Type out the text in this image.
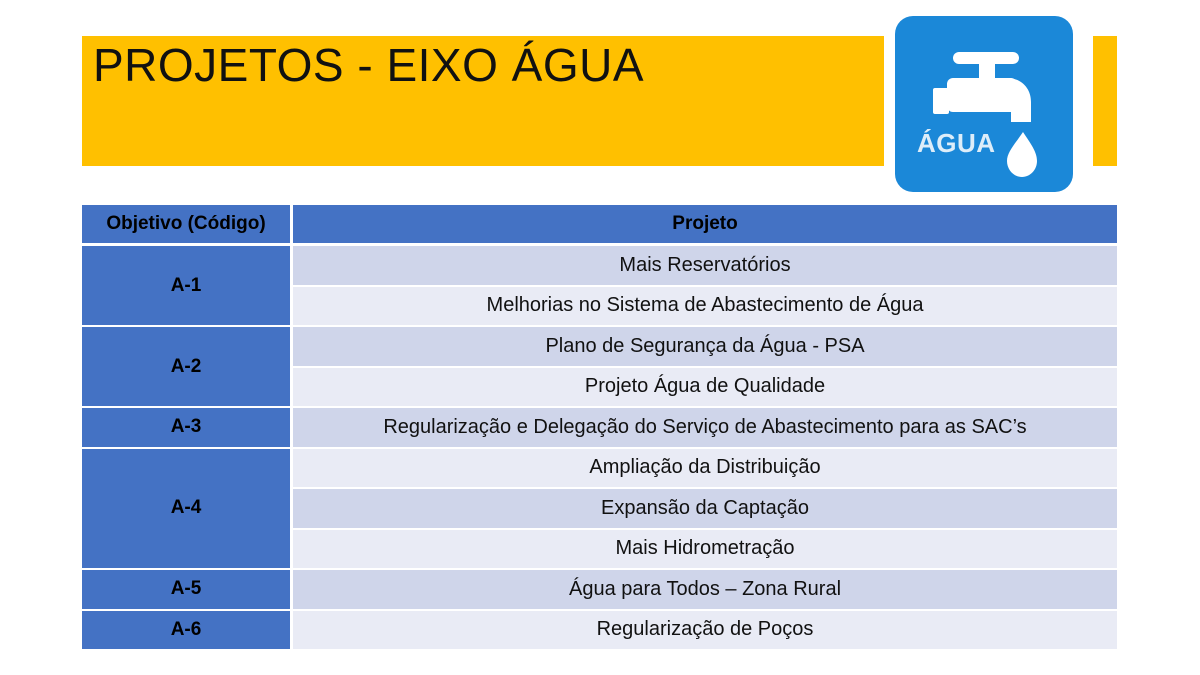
PROJETOS - EIXO ÁGUA
ÁGUA
Objetivo (Código)	Projeto
A-1	Mais Reservatórios
	Melhorias no Sistema de Abastecimento de Água
A-2	Plano de Segurança da Água - PSA
	Projeto Água de Qualidade
A-3	Regularização e Delegação do Serviço de Abastecimento para as SAC’s
A-4	Ampliação da Distribuição
	Expansão da Captação
	Mais Hidrometração
A-5	Água para Todos – Zona Rural
A-6	Regularização de Poços
